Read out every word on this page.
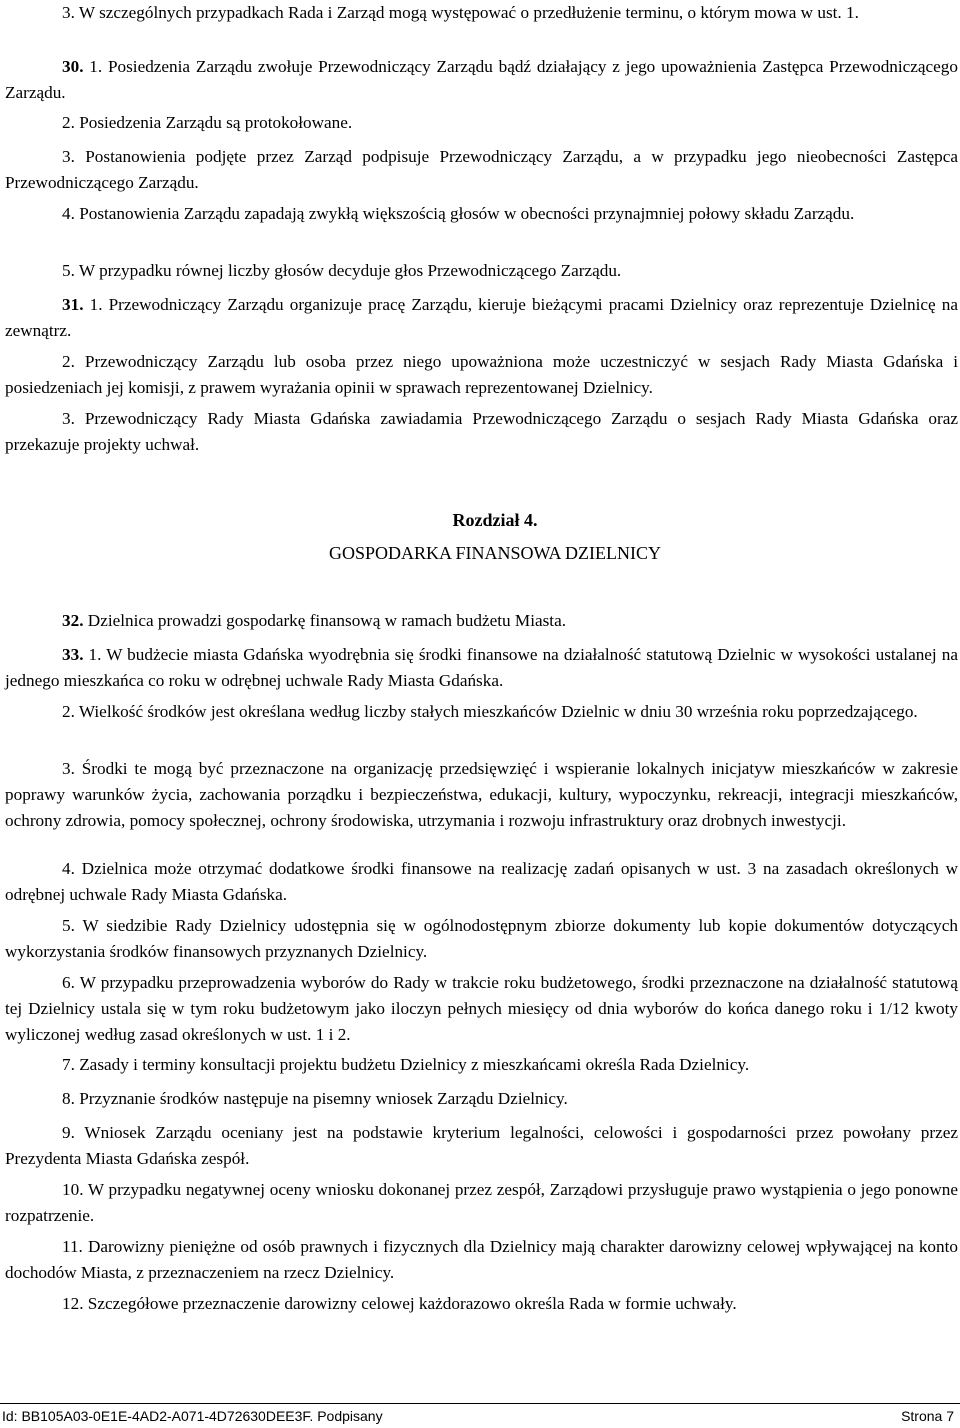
3. W szczególnych przypadkach Rada i Zarząd mogą występować o przedłużenie terminu, o którym mowa w ust. 1.

30. 1. Posiedzenia Zarządu zwołuje Przewodniczący Zarządu bądź działający z jego upoważnienia Zastępca Przewodniczącego Zarządu.

2. Posiedzenia Zarządu są protokołowane.

3. Postanowienia podjęte przez Zarząd podpisuje Przewodniczący Zarządu, a w przypadku jego nieobecności Zastępca Przewodniczącego Zarządu.

4. Postanowienia Zarządu zapadają zwykłą większością głosów w obecności przynajmniej połowy składu Zarządu.

5. W przypadku równej liczby głosów decyduje głos Przewodniczącego Zarządu.

31. 1. Przewodniczący Zarządu organizuje pracę Zarządu, kieruje bieżącymi pracami Dzielnicy oraz reprezentuje Dzielnicę na zewnątrz.

2. Przewodniczący Zarządu lub osoba przez niego upoważniona może uczestniczyć w sesjach Rady Miasta Gdańska i posiedzeniach jej komisji, z prawem wyrażania opinii w sprawach reprezentowanej Dzielnicy.

3. Przewodniczący Rady Miasta Gdańska zawiadamia Przewodniczącego Zarządu o sesjach Rady Miasta Gdańska oraz przekazuje projekty uchwał.

Rozdział 4.

GOSPODARKA FINANSOWA DZIELNICY

32. Dzielnica prowadzi gospodarkę finansową w ramach budżetu Miasta.

33. 1. W budżecie miasta Gdańska wyodrębnia się środki finansowe na działalność statutową Dzielnic w wysokości ustalanej na jednego mieszkańca co roku w odrębnej uchwale Rady Miasta Gdańska.

2. Wielkość środków jest określana według liczby stałych mieszkańców Dzielnic w dniu 30 września roku poprzedzającego.

3. Środki te mogą być przeznaczone na organizację przedsięwzięć i wspieranie lokalnych inicjatyw mieszkańców w zakresie poprawy warunków życia, zachowania porządku i bezpieczeństwa, edukacji, kultury, wypoczynku, rekreacji, integracji mieszkańców, ochrony zdrowia, pomocy społecznej, ochrony środowiska, utrzymania i rozwoju infrastruktury oraz drobnych inwestycji.

4. Dzielnica może otrzymać dodatkowe środki finansowe na realizację zadań opisanych w ust. 3 na zasadach określonych w odrębnej uchwale Rady Miasta Gdańska.

5. W siedzibie Rady Dzielnicy udostępnia się w ogólnodostępnym zbiorze dokumenty lub kopie dokumentów dotyczących wykorzystania środków finansowych przyznanych Dzielnicy.

6. W przypadku przeprowadzenia wyborów do Rady w trakcie roku budżetowego, środki przeznaczone na działalność statutową tej Dzielnicy ustala się w tym roku budżetowym jako iloczyn pełnych miesięcy od dnia wyborów do końca danego roku i 1/12 kwoty wyliczonej według zasad określonych w ust. 1 i 2.

7. Zasady i terminy konsultacji projektu budżetu Dzielnicy z mieszkańcami określa Rada Dzielnicy.

8. Przyznanie środków następuje na pisemny wniosek Zarządu Dzielnicy.

9. Wniosek Zarządu oceniany jest na podstawie kryterium legalności, celowości i gospodarności przez powołany przez Prezydenta Miasta Gdańska zespół.

10. W przypadku negatywnej oceny wniosku dokonanej przez zespół, Zarządowi przysługuje prawo wystąpienia o jego ponowne rozpatrzenie.

11. Darowizny pieniężne od osób prawnych i fizycznych dla Dzielnicy mają charakter darowizny celowej wpływającej na konto dochodów Miasta, z przeznaczeniem na rzecz Dzielnicy.

12. Szczegółowe przeznaczenie darowizny celowej każdorazowo określa Rada w formie uchwały.

Id: BB105A03-0E1E-4AD2-A071-4D72630DEE3F. Podpisany	Strona 7
